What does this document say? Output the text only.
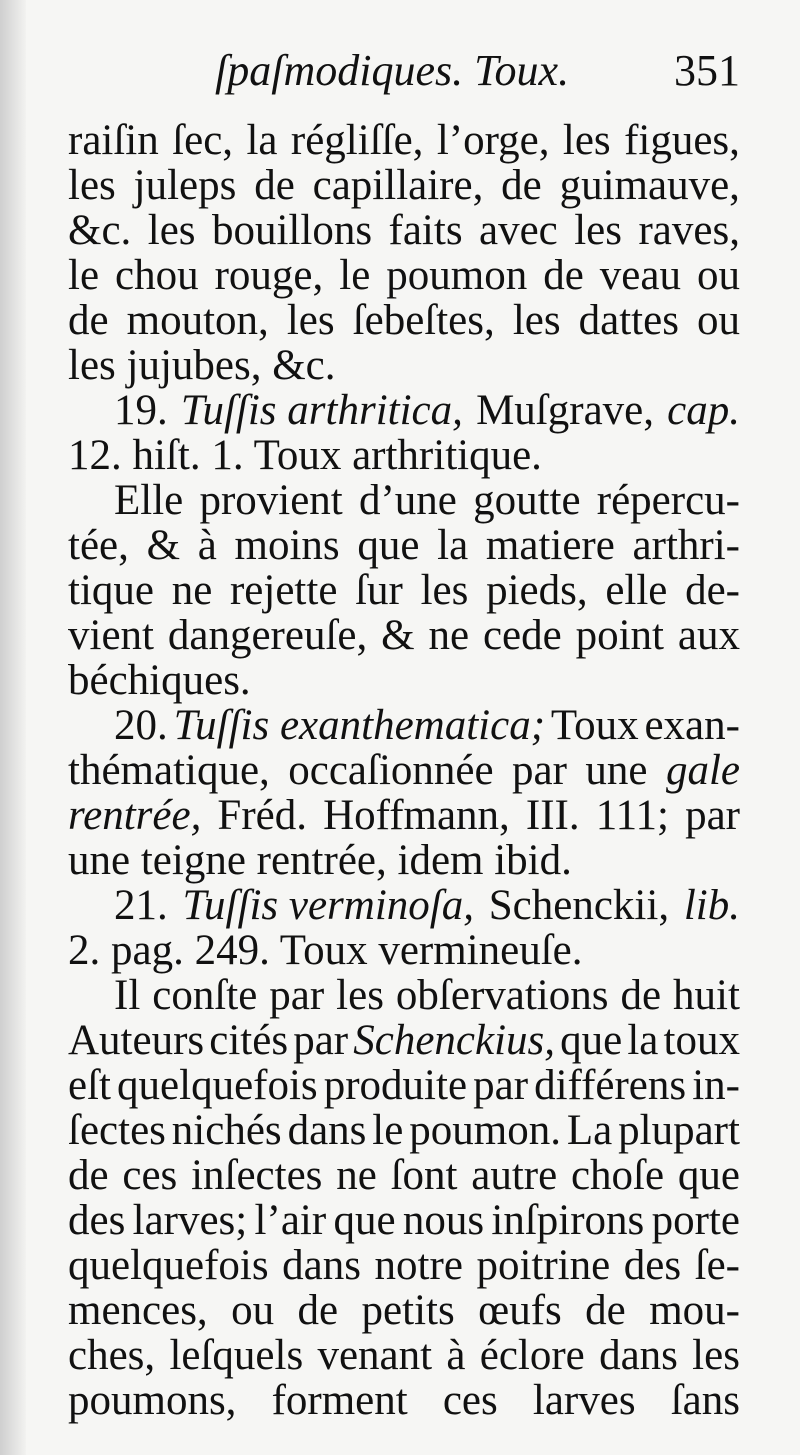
ſpaſmodiques. Toux. 351
raiſin ſec, la régliſſe, l’orge, les figues,
les juleps de capillaire, de guimauve,
&c. les bouillons faits avec les raves,
le chou rouge, le poumon de veau ou
de mouton, les ſebeſtes, les dattes ou
les jujubes, &c.
19. Tuſſis arthritica, Muſgrave, cap.
12. hiſt. 1. Toux arthritique.
Elle provient d’une goutte répercu-
tée, & à moins que la matiere arthri-
tique ne rejette ſur les pieds, elle de-
vient dangereuſe, & ne cede point aux
béchiques.
20. Tuſſis exanthematica; Toux exan-
thématique, occaſionnée par une gale
rentrée, Fréd. Hoffmann, III. 111; par
une teigne rentrée, idem ibid.
21. Tuſſis verminoſa, Schenckii, lib.
2. pag. 249. Toux vermineuſe.
Il conſte par les obſervations de huit
Auteurs cités par Schenckius, que la toux
eſt quelquefois produite par différens in-
ſectes nichés dans le poumon. La plupart
de ces inſectes ne ſont autre choſe que
des larves; l’air que nous inſpirons porte
quelquefois dans notre poitrine des ſe-
mences, ou de petits œufs de mou-
ches, leſquels venant à éclore dans les
poumons, forment ces larves ſans
